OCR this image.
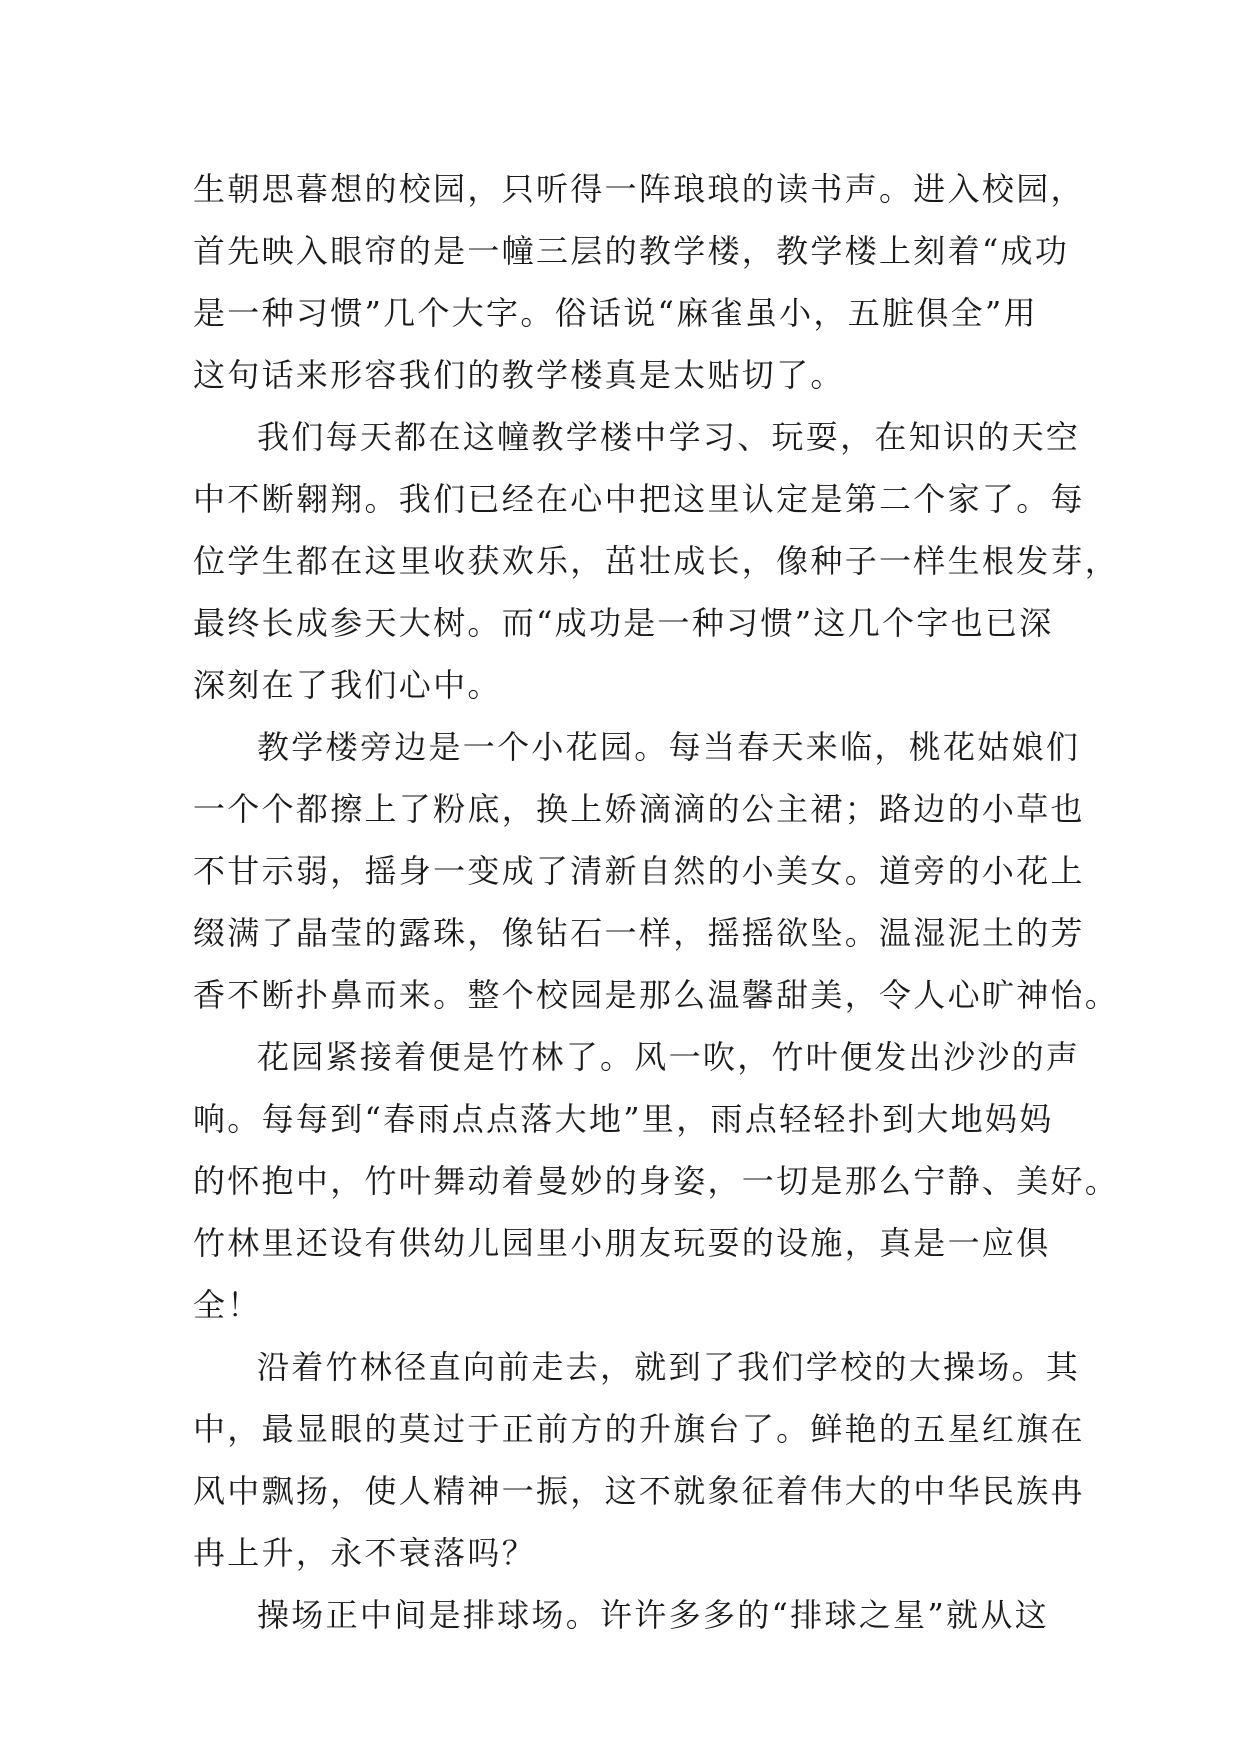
生朝思暮想的校园，只听得一阵琅琅的读书声。进入校园，
首先映入眼帘的是一幢三层的教学楼，教学楼上刻着“成功
是一种习惯”几个大字。俗话说“麻雀虽小，五脏俱全”用
这句话来形容我们的教学楼真是太贴切了。
我们每天都在这幢教学楼中学习、玩耍，在知识的天空
中不断翱翔。我们已经在心中把这里认定是第二个家了。每
位学生都在这里收获欢乐，茁壮成长，像种子一样生根发芽，
最终长成参天大树。而“成功是一种习惯”这几个字也已深
深刻在了我们心中。
教学楼旁边是一个小花园。每当春天来临，桃花姑娘们
一个个都擦上了粉底，换上娇滴滴的公主裙；路边的小草也
不甘示弱，摇身一变成了清新自然的小美女。道旁的小花上
缀满了晶莹的露珠，像钻石一样，摇摇欲坠。温湿泥土的芳
香不断扑鼻而来。整个校园是那么温馨甜美，令人心旷神怡。
花园紧接着便是竹林了。风一吹，竹叶便发出沙沙的声
响。每每到“春雨点点落大地”里，雨点轻轻扑到大地妈妈
的怀抱中，竹叶舞动着曼妙的身姿，一切是那么宁静、美好。
竹林里还设有供幼儿园里小朋友玩耍的设施，真是一应俱
全！
沿着竹林径直向前走去，就到了我们学校的大操场。其
中，最显眼的莫过于正前方的升旗台了。鲜艳的五星红旗在
风中飘扬，使人精神一振，这不就象征着伟大的中华民族冉
冉上升，永不衰落吗？
操场正中间是排球场。许许多多的“排球之星”就从这
